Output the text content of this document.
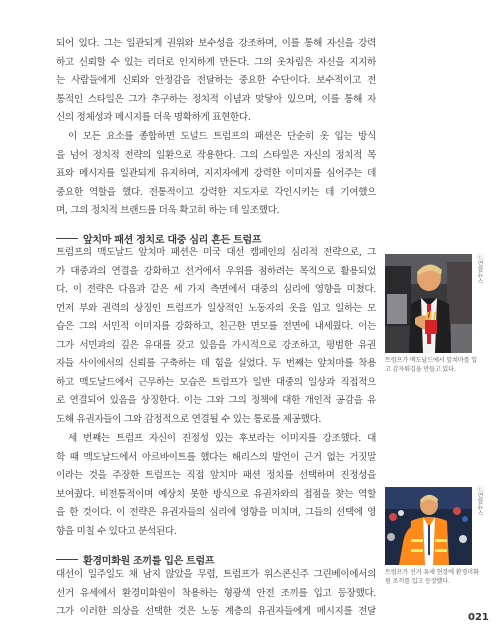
되어 있다. 그는 일관되게 권위와 보수성을 강조하며, 이를 통해 자신을 강력
하고 신뢰할 수 있는 리더로 인지하게 만든다. 그의 옷차림은 자신을 지지하
는 사람들에게 신뢰와 안정감을 전달하는 중요한 수단이다. 보수적이고 전
통적인 스타일은 그가 추구하는 정치적 이념과 맞닿아 있으며, 이를 통해 자
신의 정체성과 메시지를 더욱 명확하게 표현한다.
이 모든 요소를 종합하면 도널드 트럼프의 패션은 단순히 옷 입는 방식
을 넘어 정치적 전략의 일환으로 작용한다. 그의 스타일은 자신의 정치적 목
표와 메시지를 일관되게 유지하며, 지지자에게 강력한 이미지를 심어주는 데
중요한 역할을 했다. 전통적이고 강력한 지도자로 각인시키는 데 기여했으
며, 그의 정치적 브랜드를 더욱 확고히 하는 데 일조했다.
앞치마 패션 정치로 대중 심리 흔든 트럼프
트럼프의 맥도날드 앞치마 패션은 미국 대선 캠페인의 심리적 전략으로, 그
가 대중과의 연결을 강화하고 선거에서 우위를 점하려는 목적으로 활용되었
다. 이 전략은 다음과 같은 세 가지 측면에서 대중의 심리에 영향을 미쳤다.
먼저 부와 권력의 상징인 트럼프가 일상적인 노동자의 옷을 입고 일하는 모
습은 그의 서민적 이미지를 강화하고, 친근한 면모를 전면에 내세웠다. 이는
그가 서민과의 깊은 유대를 갖고 있음을 가시적으로 강조하고, 평범한 유권
자들 사이에서의 신뢰를 구축하는 데 힘을 실었다. 두 번째는 앞치마를 착용
하고 맥도날드에서 근무하는 모습은 트럼프가 일반 대중의 일상과 직접적으
로 연결되어 있음을 상징한다. 이는 그와 그의 정책에 대한 개인적 공감을 유
도해 유권자들이 그와 감정적으로 연결될 수 있는 통로를 제공했다.
세 번째는 트럼프 자신이 진정성 있는 후보라는 이미지를 강조했다. 대
학 때 맥도날드에서 아르바이트를 했다는 해리스의 발언이 근거 없는 거짓말
이라는 것을 주장한 트럼프는 직접 앞치마 패션 정치를 선택하며 진정성을
보여줬다. 비전통적이며 예상치 못한 방식으로 유권자와의 접점을 찾는 역할
을 한 것이다. 이 전략은 유권자들의 심리에 영향을 미치며, 그들의 선택에 영
향을 미칠 수 있다고 분석된다.
환경미화원 조끼를 입은 트럼프
대선이 일주일도 채 남지 않았을 무렵, 트럼프가 위스콘신주 그린베이에서의
선거 유세에서 환경미화원이 착용하는 형광색 안전 조끼를 입고 등장했다.
그가 이러한 의상을 선택한 것은 노동 계층의 유권자들에게 메시지를 전달
ⓒ연합뉴스
트럼프가 맥도날드에서 앞치마를 입고 감자튀김을 만들고 있다.
ⓒ연합뉴스
트럼프가 선거 유세 현장에 환경미화원 조끼를 입고 등장했다.
021
